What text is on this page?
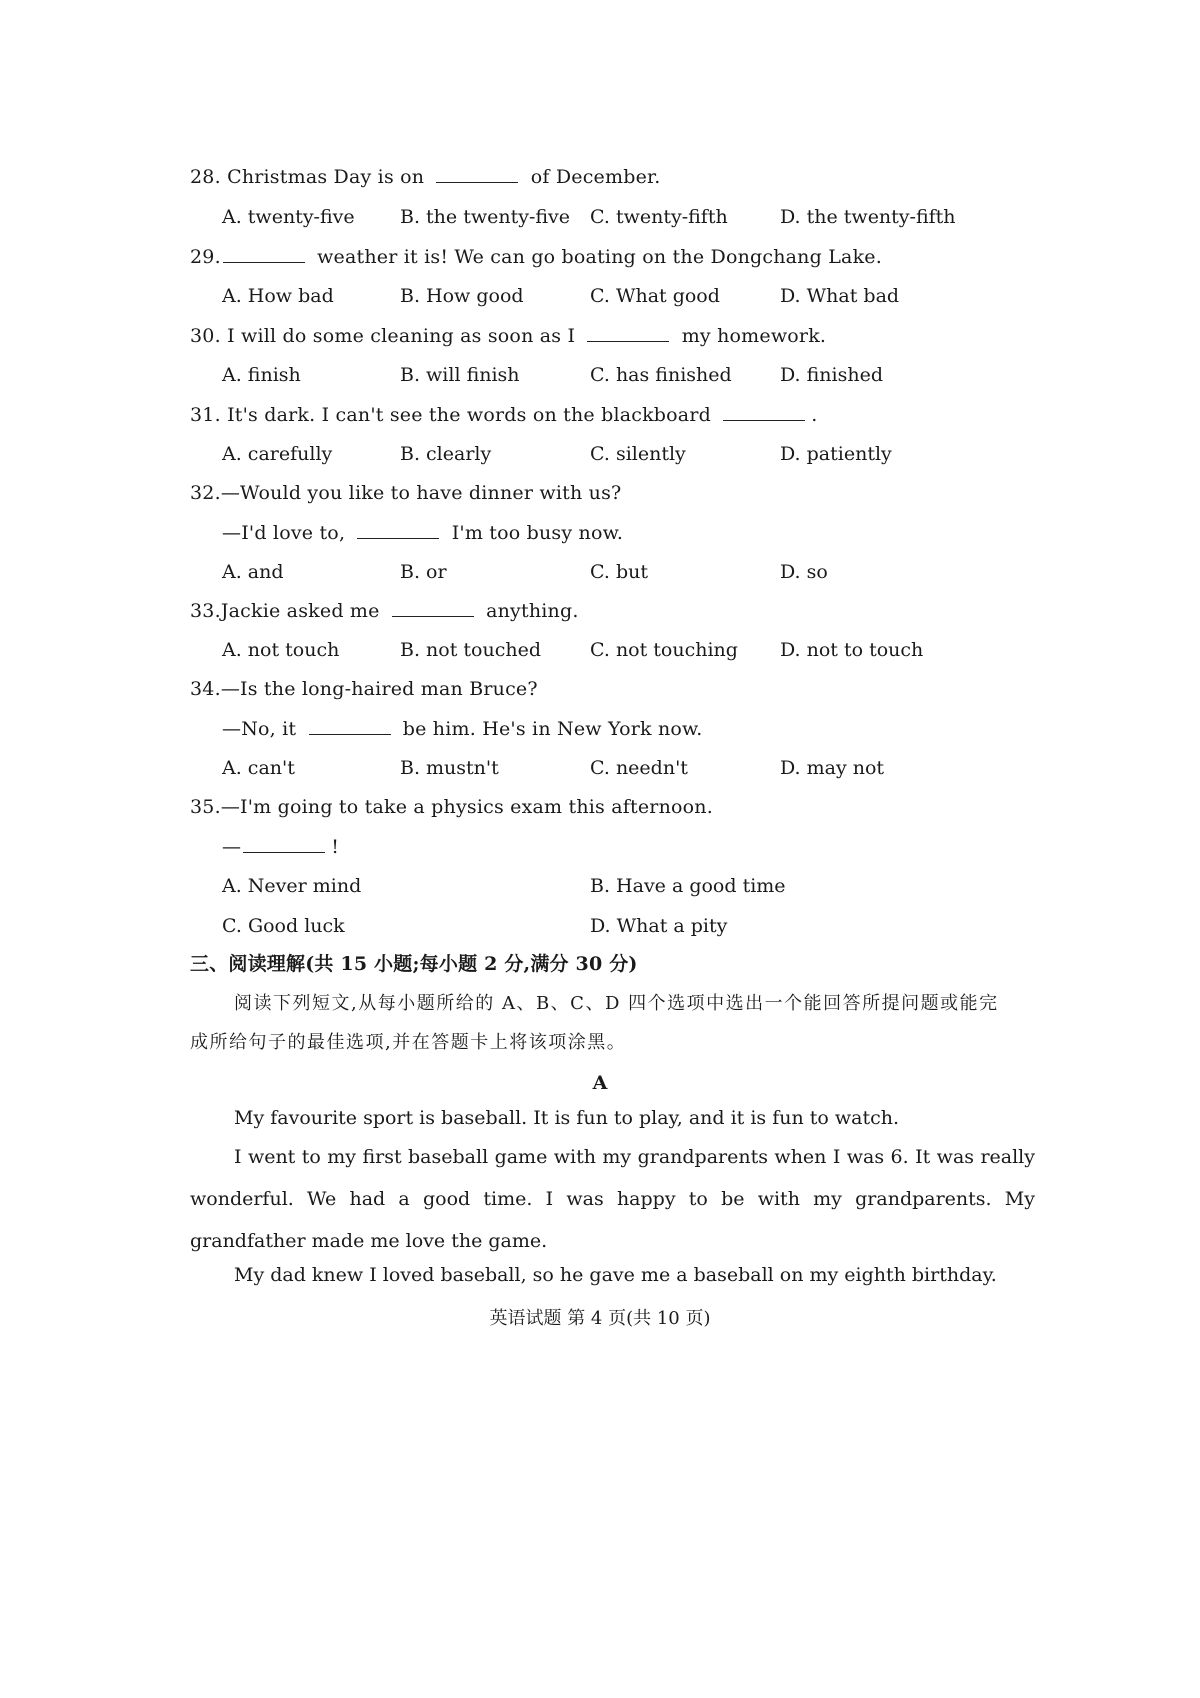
28. Christmas Day is on	of December.
A. twenty-five B. the twenty-five C. twenty-fifth	D. the twenty-fifth
29.	weather it is! We can go boating on the Dongchang Lake.
A. How bad	B. How good	C. What good	D. What bad
30. I will do some cleaning as soon as I	my homework.
A. finish	B. will finish	C. has finished	D. finished
31. It's dark. I can't see the words on the blackboard	.
A. carefully	B. clearly	C. silently	D. patiently
32.—Would you like to have dinner with us?
—I'd love to,	I'm too busy now.
A. and	B. or	C. but	D. so
33.Jackie asked me	anything.
A. not touch	B. not touched	C. not touching D. not to touch
34.—Is the long-haired man Bruce?
—No, it	be him. He's in New York now.
A. can't	B. mustn't	C. needn't	D. may not
35.—I'm going to take a physics exam this afternoon.
—	!
A. Never mind	B. Have a good time
C. Good luck	D. What a pity
三、阅读理解(共 15 小题;每小题 2 分,满分 30 分)
阅读下列短文,从每小题所给的 A、B、C、D 四个选项中选出一个能回答所提问题或能完
成所给句子的最佳选项,并在答题卡上将该项涂黑。
A
My favourite sport is baseball. It is fun to play, and it is fun to watch.
I went to my first baseball game with my grandparents when I was 6. It was really wonderful. We had a good time. I was happy to be with my grandparents. My grandfather made me love the game.
My dad knew I loved baseball, so he gave me a baseball on my eighth birthday.
英语试题 第 4 页(共 10 页)
